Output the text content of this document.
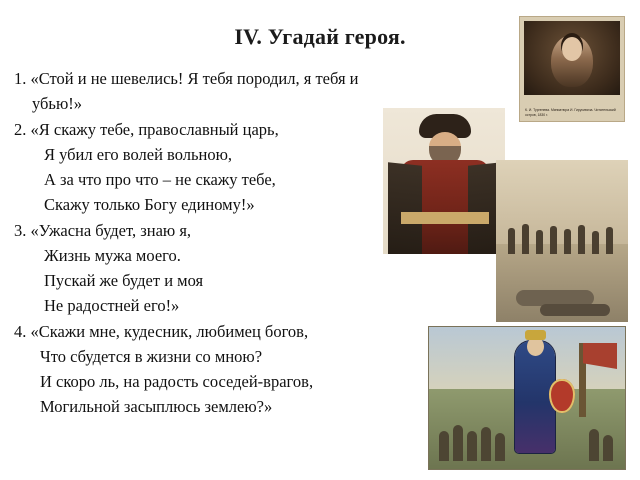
IV. Угадай героя.
1. «Стой и не шевелись! Я тебя породил, я тебя и
убью!»
2. «Я скажу тебе, православный царь,
Я убил его волей вольною,
А за что про что – не скажу тебе,
Скажу только Богу единому!»
3. «Ужасна будет, знаю я,
Жизнь мужа моего.
Пускай же будет и моя
Не радостней его!»
4. «Скажи мне, кудесник, любимец богов,
Что сбудется в жизни со мною?
И скоро ль, на радость соседей-врагов,
Могильной засыплюсь землею?»
К. И. Тургенева. Миниатюра И. Гирусивича. Читательский остров, 1830 г.
